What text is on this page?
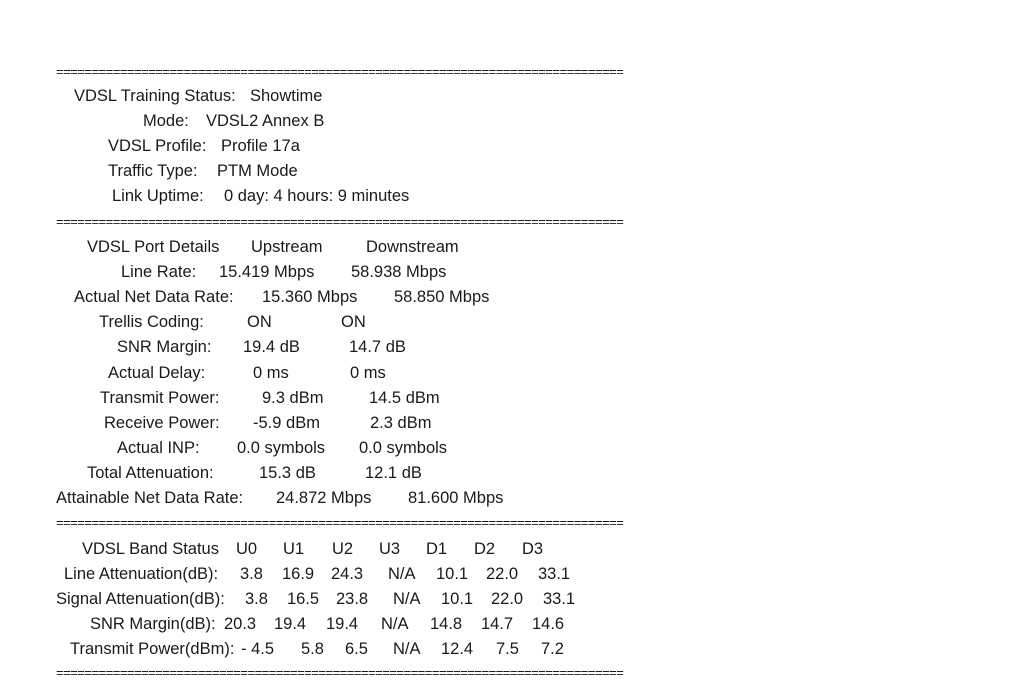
================================================================================
================================================================================
================================================================================
================================================================================
VDSL Training Status: Showtime
Mode: VDSL2 Annex B
VDSL Profile: Profile 17a
Traffic Type: PTM Mode
Link Uptime: 0 day: 4 hours: 9 minutes
VDSL Port Details Upstream	Downstream
Line Rate: 15.419 Mbps 58.938 Mbps
Actual Net Data Rate: 15.360 Mbps 58.850 Mbps
Trellis Coding:	ON	ON
SNR Margin: 19.4 dB	14.7 dB
Actual Delay:	0 ms	0 ms
Transmit Power:	9.3 dBm	14.5 dBm
Receive Power: -5.9 dBm	2.3 dBm
Actual INP: 0.0 symbols 0.0 symbols
Total Attenuation:	15.3 dB	12.1 dB
Attainable Net Data Rate: 24.872 Mbps 81.600 Mbps
VDSL Band Status U0 U1 U2 U3 D1 D2 D3
Line Attenuation(dB): 3.8 16.9 24.3 N/A 10.1 22.0 33.1
Signal Attenuation(dB): 3.8 16.5 23.8 N/A 10.1 22.0 33.1
SNR Margin(dB): 20.3 19.4 19.4 N/A 14.8 14.7 14.6
Transmit Power(dBm): - 4.5 5.8 6.5 N/A 12.4 7.5 7.2
